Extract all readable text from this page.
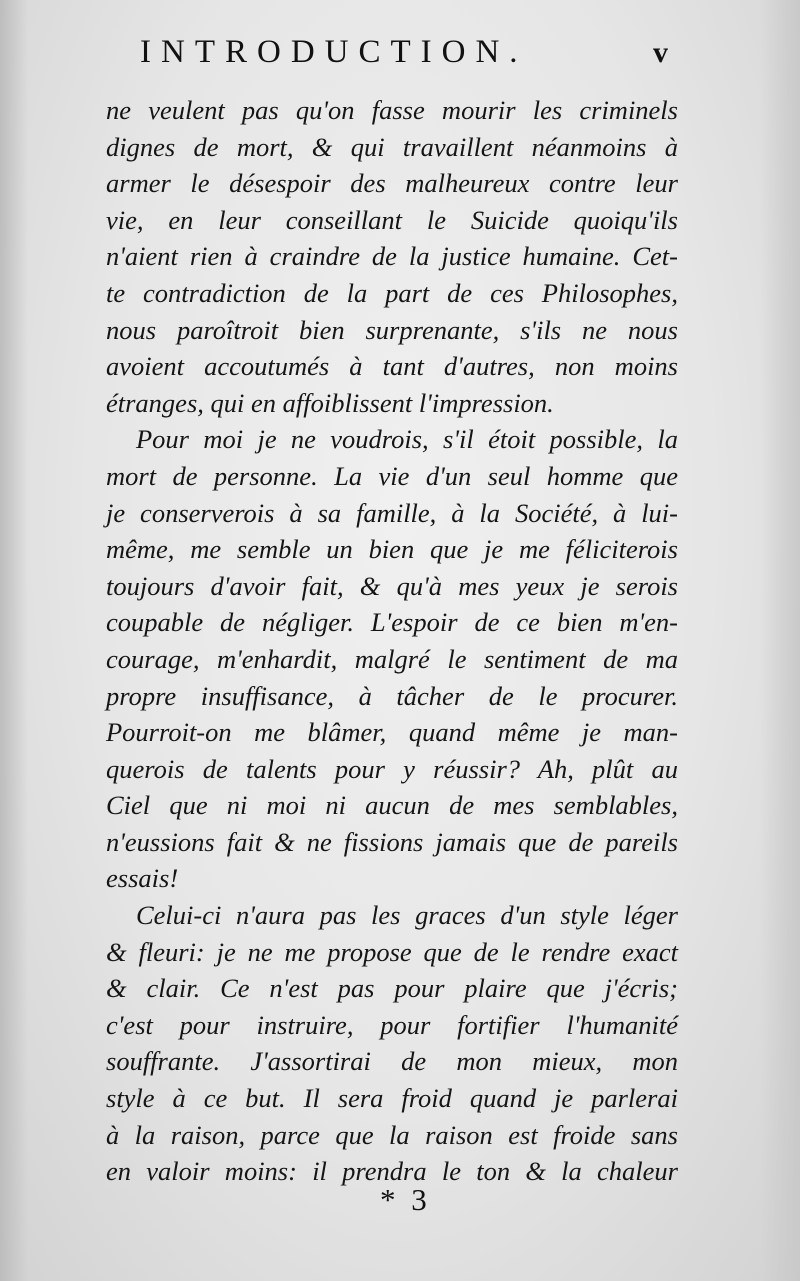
INTRODUCTION.	v
ne veulent pas qu'on fasse mourir les criminels
dignes de mort, & qui travaillent néanmoins à
armer le désespoir des malheureux contre leur
vie, en leur conseillant le Suicide quoiqu'ils
n'aient rien à craindre de la justice humaine. Cet-
te contradiction de la part de ces Philosophes,
nous paroîtroit bien surprenante, s'ils ne nous
avoient accoutumés à tant d'autres, non moins
étranges, qui en affoiblissent l'impression.
Pour moi je ne voudrois, s'il étoit possible, la
mort de personne. La vie d'un seul homme que
je conserverois à sa famille, à la Société, à lui-
même, me semble un bien que je me féliciterois
toujours d'avoir fait, & qu'à mes yeux je serois
coupable de négliger. L'espoir de ce bien m'en-
courage, m'enhardit, malgré le sentiment de ma
propre insuffisance, à tâcher de le procurer.
Pourroit-on me blâmer, quand même je man-
querois de talents pour y réussir? Ah, plût au
Ciel que ni moi ni aucun de mes semblables,
n'eussions fait & ne fissions jamais que de pareils
essais!
Celui-ci n'aura pas les graces d'un style léger
& fleuri: je ne me propose que de le rendre exact
& clair. Ce n'est pas pour plaire que j'écris;
c'est pour instruire, pour fortifier l'humanité
souffrante. J'assortirai de mon mieux, mon
style à ce but. Il sera froid quand je parlerai
à la raison, parce que la raison est froide sans
en valoir moins: il prendra le ton & la chaleur
* 3
